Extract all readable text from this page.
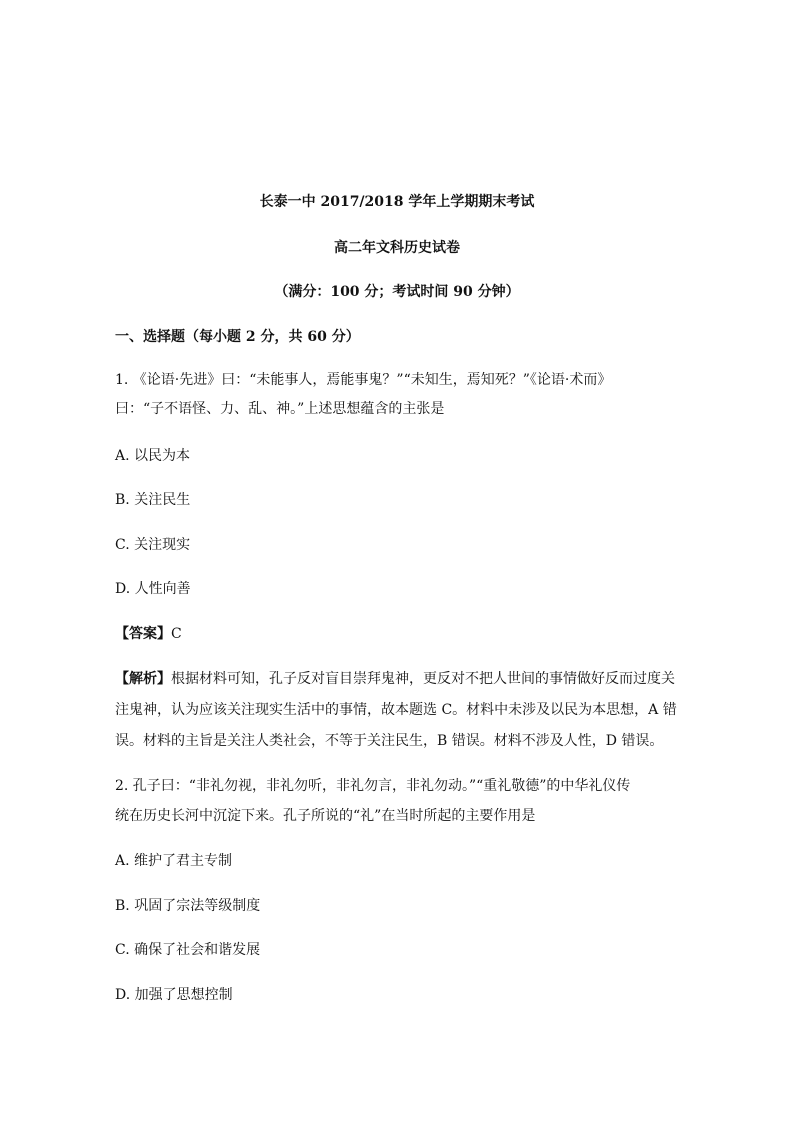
长泰一中 2017/2018 学年上学期期末考试
高二年文科历史试卷
（满分：100 分；考试时间 90 分钟）
一、选择题（每小题 2 分，共 60 分）
1. 《论语·先进》曰：“未能事人，焉能事鬼？”“未知生，焉知死？”《论语·术而》
曰：“子不语怪、力、乱、神。”上述思想蕴含的主张是
A. 以民为本
B. 关注民生
C. 关注现实
D. 人性向善
【答案】C
【解析】根据材料可知，孔子反对盲目崇拜鬼神，更反对不把人世间的事情做好反而过度关
注鬼神，认为应该关注现实生活中的事情，故本题选 C。材料中未涉及以民为本思想，A 错
误。材料的主旨是关注人类社会，不等于关注民生，B 错误。材料不涉及人性，D 错误。
2. 孔子曰：“非礼勿视，非礼勿听，非礼勿言，非礼勿动。”“重礼敬德”的中华礼仪传
统在历史长河中沉淀下来。孔子所说的“礼”在当时所起的主要作用是
A. 维护了君主专制
B. 巩固了宗法等级制度
C. 确保了社会和谐发展
D. 加强了思想控制
